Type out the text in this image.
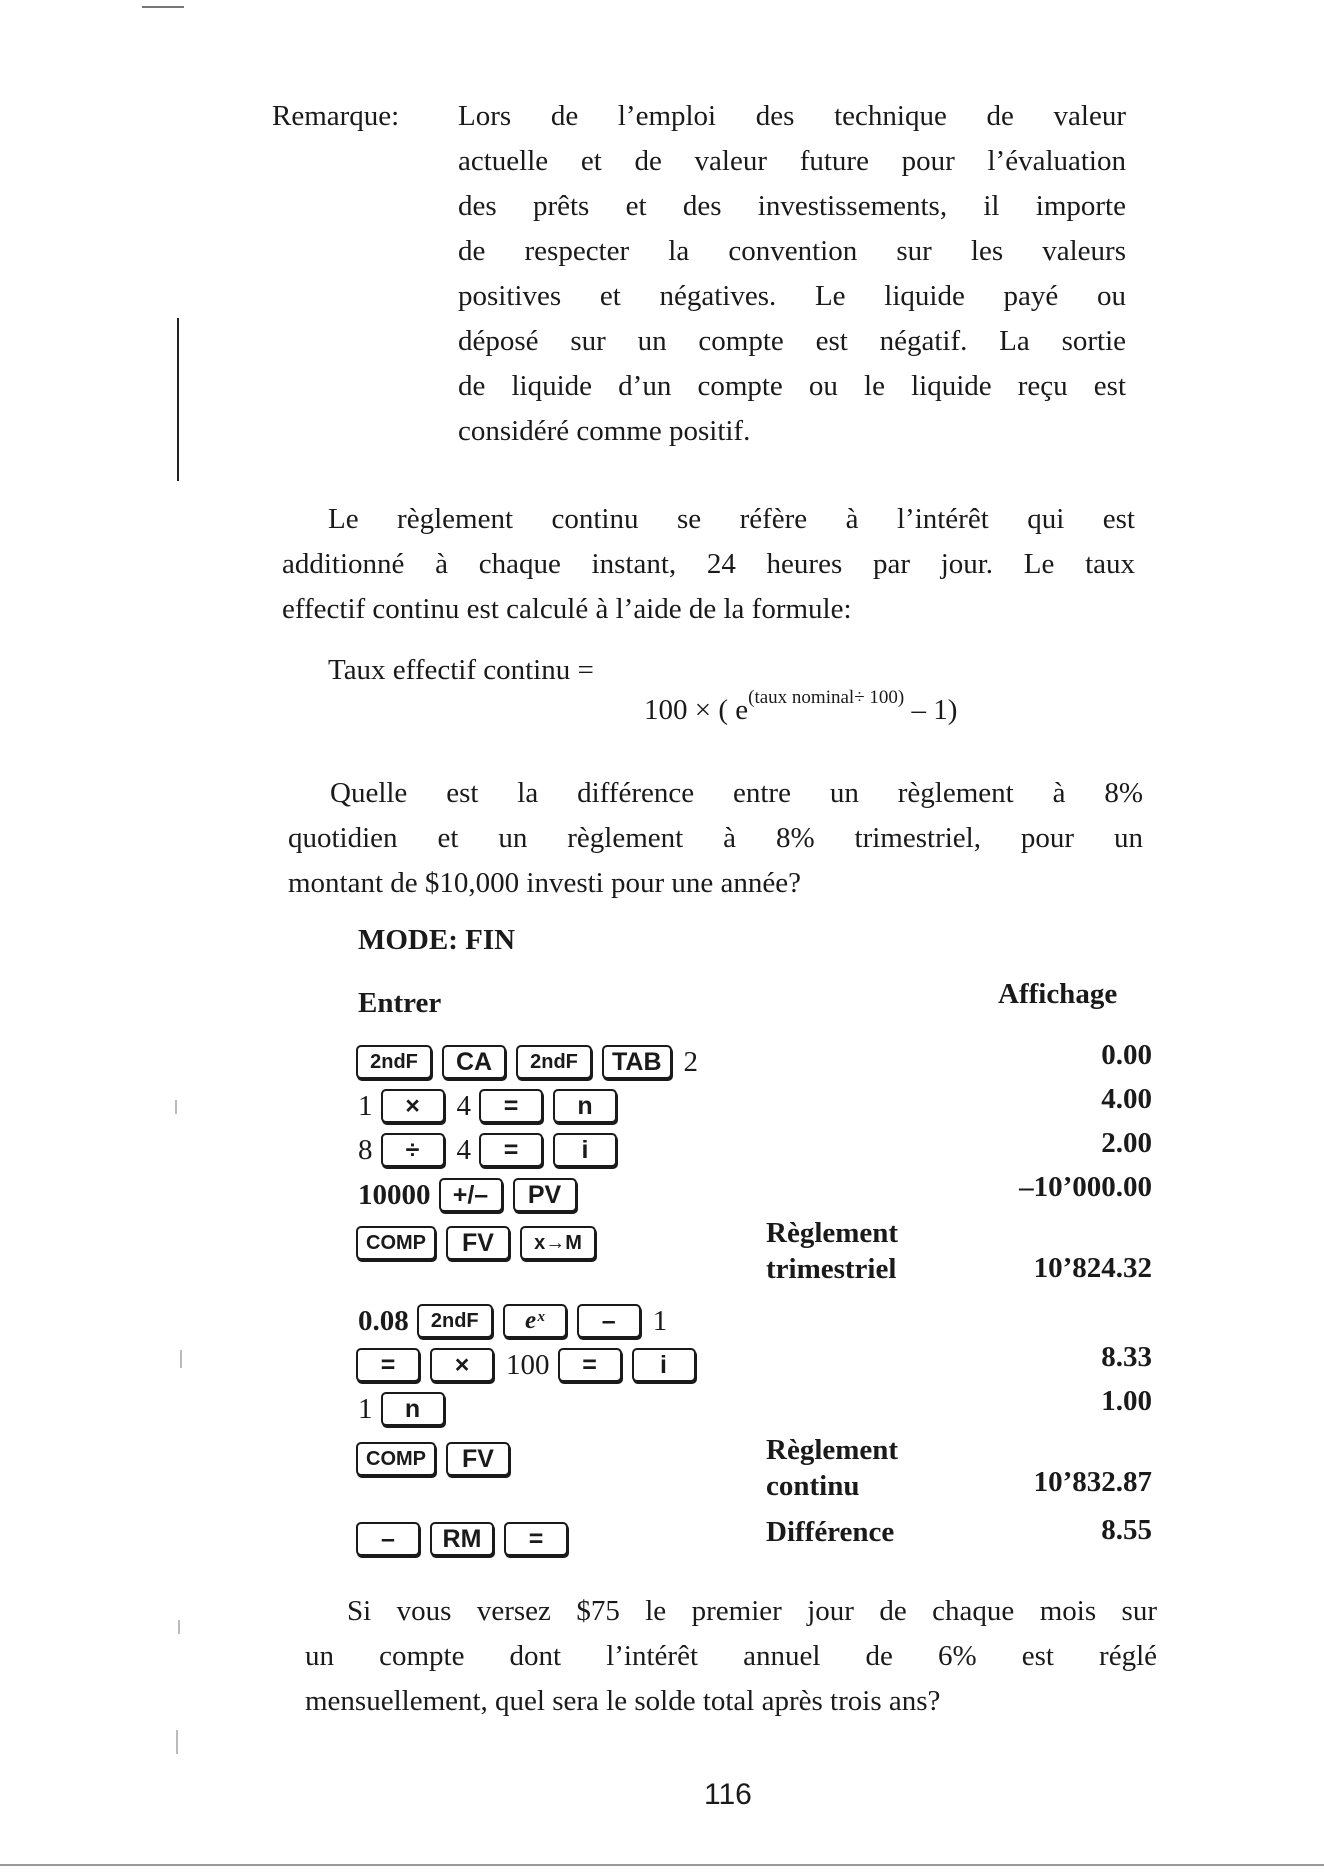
Remarque: Lors de l’emploi des technique de valeur
actuelle et de valeur future pour l’évaluation
des prêts et des investissements, il importe
de respecter la convention sur les valeurs
positives et négatives. Le liquide payé ou
déposé sur un compte est négatif. La sortie
de liquide d’un compte ou le liquide reçu est
considéré comme positif.
Le règlement continu se réfère à l’intérêt qui est
additionné à chaque instant, 24 heures par jour. Le taux
effectif continu est calculé à l’aide de la formule:
Taux effectif continu =
100 × ( $e^{(taux nominal\div 100)} - 1$)
Quelle est la différence entre un règlement à 8%
quotidien et un règlement à 8% trimestriel, pour un
montant de $10,000 investi pour une année?
MODE: FIN
Entrer	Affichage
2ndF	CA	2ndF	TAB 2	0.00
1	×	4	=	n	4.00
8	÷	4	=	i	2.00
10000 +/–	PV	–10’000.00
COMP	FV	x→M	Règlement
trimestriel	10’824.32
0.08	2ndF	eˣ	–	1
=	×	100	=	i	8.33
1	n	1.00
COMP	FV	Règlement
continu	10’832.87
–	RM	=	Différence	8.55
Si vous versez $75 le premier jour de chaque mois sur
un compte dont l’intérêt annuel de 6% est réglé
mensuellement, quel sera le solde total après trois ans?
116
